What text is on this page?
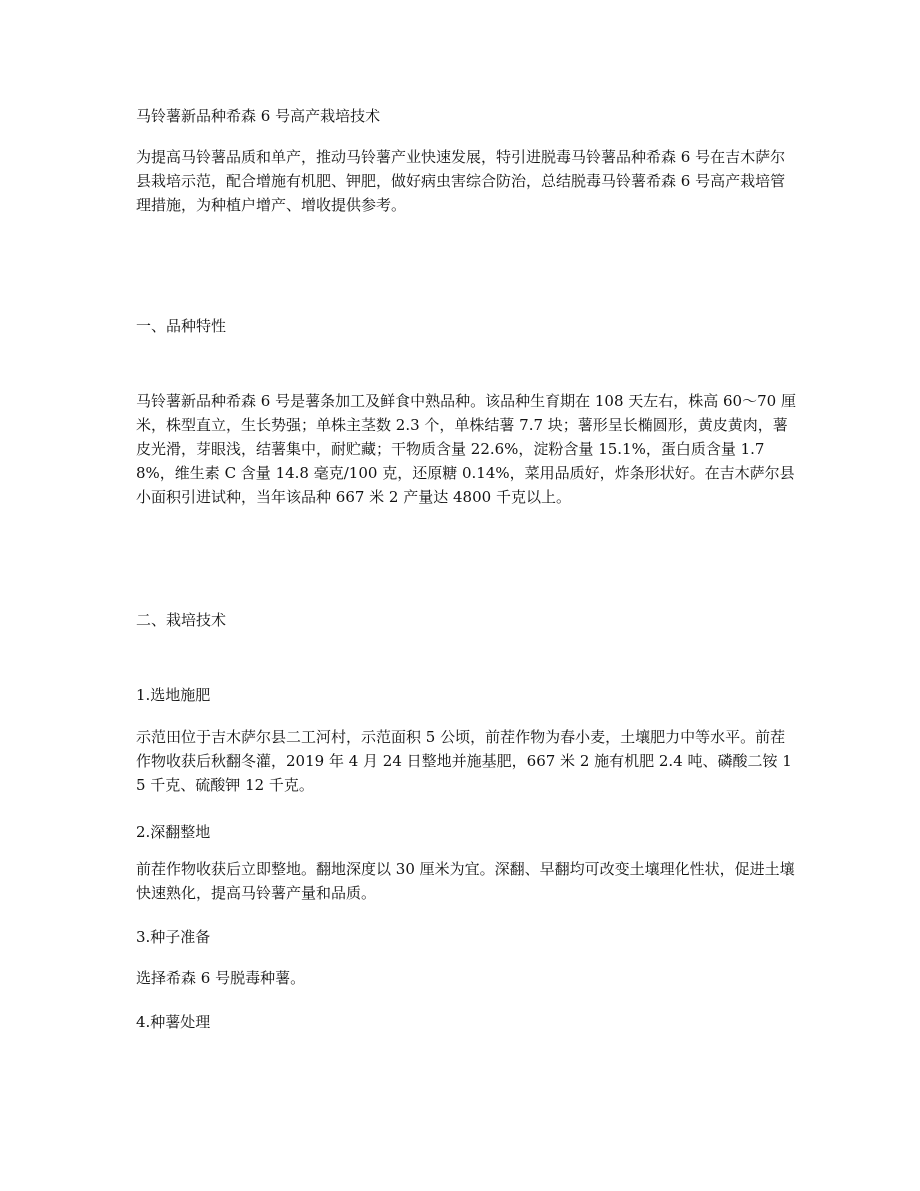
马铃薯新品种希森 6 号高产栽培技术
为提高马铃薯品质和单产，推动马铃薯产业快速发展，特引进脱毒马铃薯品种希森 6 号在吉木萨尔县栽培示范，配合增施有机肥、钾肥，做好病虫害综合防治，总结脱毒马铃薯希森 6 号高产栽培管理措施，为种植户增产、增收提供参考。
一、品种特性
马铃薯新品种希森 6 号是薯条加工及鲜食中熟品种。该品种生育期在 108 天左右，株高 60～70 厘米，株型直立，生长势强；单株主茎数 2.3 个，单株结薯 7.7 块；薯形呈长椭圆形，黄皮黄肉，薯皮光滑，芽眼浅，结薯集中，耐贮藏；干物质含量 22.6%，淀粉含量 15.1%，蛋白质含量 1.78%，维生素 C 含量 14.8 毫克/100 克，还原糖 0.14%，菜用品质好，炸条形状好。在吉木萨尔县小面积引进试种，当年该品种 667 米 2 产量达 4800 千克以上。
二、栽培技术
1.选地施肥
示范田位于吉木萨尔县二工河村，示范面积 5 公顷，前茬作物为春小麦，土壤肥力中等水平。前茬作物收获后秋翻冬灌，2019 年 4 月 24 日整地并施基肥，667 米 2 施有机肥 2.4 吨、磷酸二铵 15 千克、硫酸钾 12 千克。
2.深翻整地
前茬作物收获后立即整地。翻地深度以 30 厘米为宜。深翻、早翻均可改变土壤理化性状，促进土壤快速熟化，提高马铃薯产量和品质。
3.种子准备
选择希森 6 号脱毒种薯。
4.种薯处理
